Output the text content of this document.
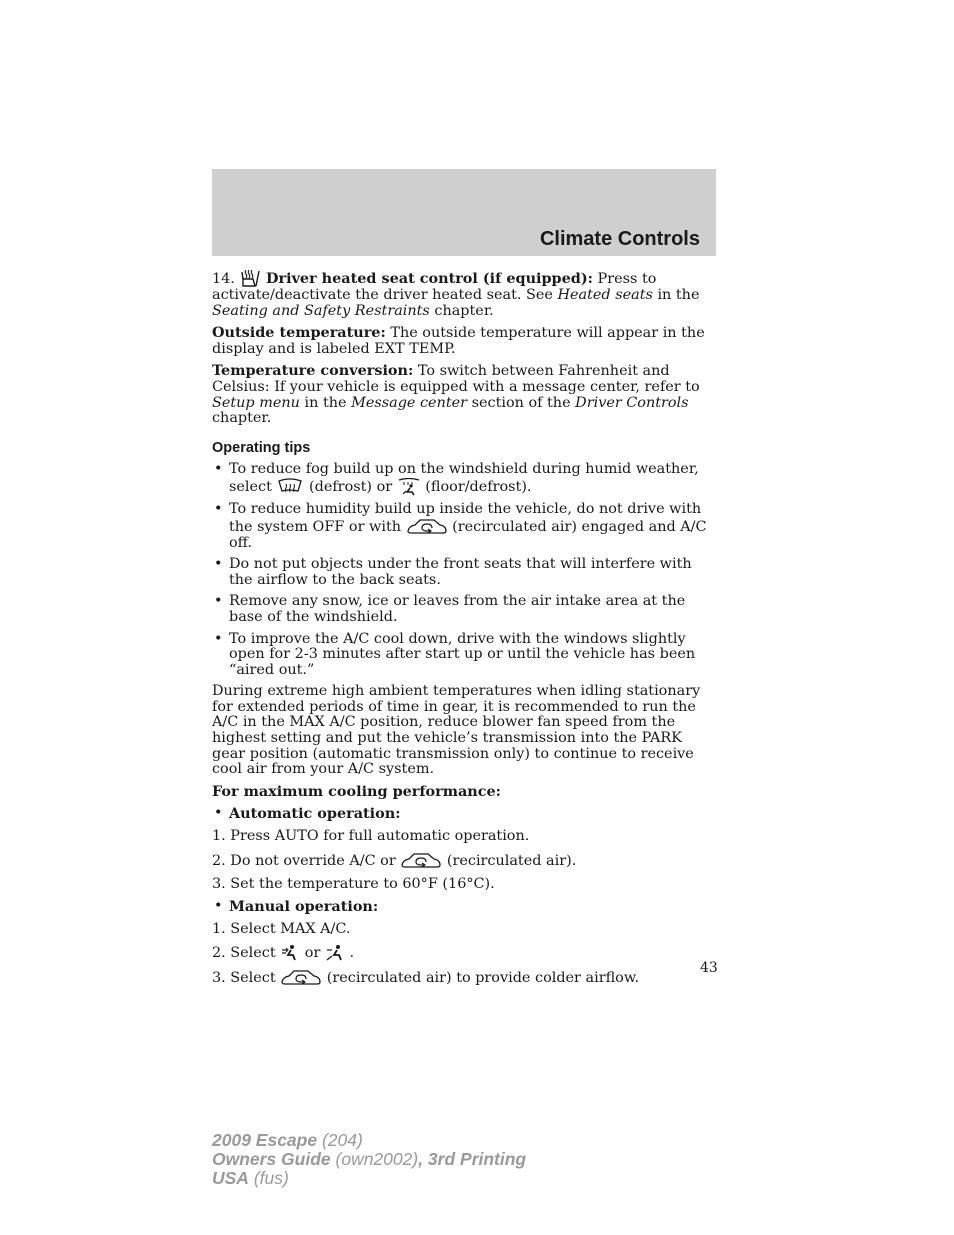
Climate Controls

14. Driver heated seat control (if equipped): Press to activate/deactivate the driver heated seat. See Heated seats in the Seating and Safety Restraints chapter.

Outside temperature: The outside temperature will appear in the display and is labeled EXT TEMP.

Temperature conversion: To switch between Fahrenheit and Celsius: If your vehicle is equipped with a message center, refer to Setup menu in the Message center section of the Driver Controls chapter.

Operating tips
• To reduce fog build up on the windshield during humid weather, select
(defrost) or
(floor/defrost).
• To reduce humidity build up inside the vehicle, do not drive with the system OFF or with	(recirculated air) engaged and A/C off.
• Do not put objects under the front seats that will interfere with the airflow to the back seats.
• Remove any snow, ice or leaves from the air intake area at the base of the windshield.
• To improve the A/C cool down, drive with the windows slightly open for 2-3 minutes after start up or until the vehicle has been “aired out.”

During extreme high ambient temperatures when idling stationary for extended periods of time in gear, it is recommended to run the A/C in the MAX A/C position, reduce blower fan speed from the highest setting and put the vehicle’s transmission into the PARK gear position (automatic transmission only) to continue to receive cool air from your A/C system.

For maximum cooling performance:

• Automatic operation:
1. Press AUTO for full automatic operation.
2. Do not override A/C or	(recirculated air).
3. Set the temperature to 60°F (16°C).
• Manual operation:
1. Select MAX A/C.
2. Select
or
.
3. Select	(recirculated air) to provide colder airflow.
43
2009 Escape (204)
Owners Guide (own2002), 3rd Printing
USA (fus)
